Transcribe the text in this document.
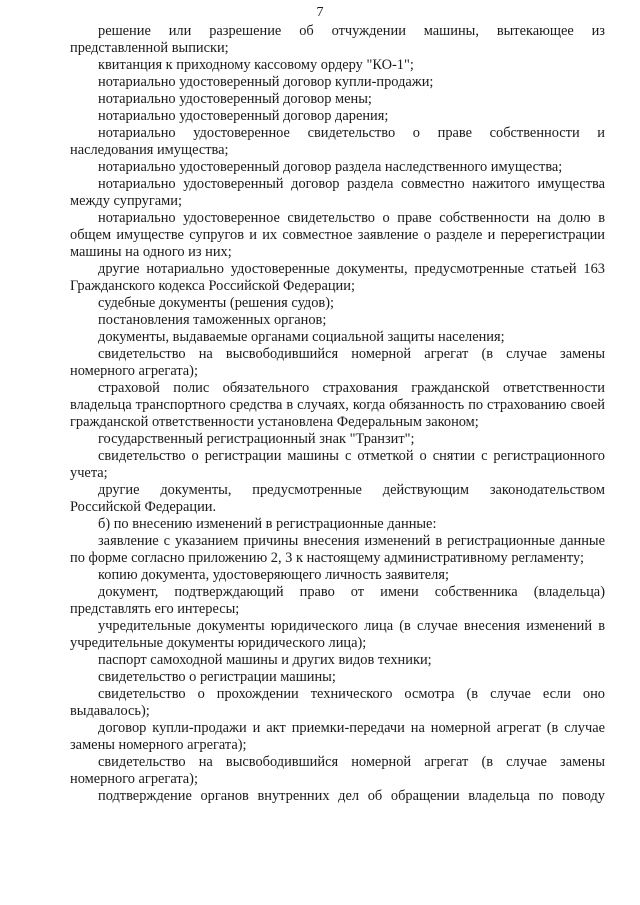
7

решение или разрешение об отчуждении машины, вытекающее из представленной выписки;

квитанция к приходному кассовому ордеру "КО-1";

нотариально удостоверенный договор купли-продажи;

нотариально удостоверенный договор мены;

нотариально удостоверенный договор дарения;

нотариально удостоверенное свидетельство о праве собственности и наследования имущества;

нотариально удостоверенный договор раздела наследственного имущества;

нотариально удостоверенный договор раздела совместно нажитого имущества между супругами;

нотариально удостоверенное свидетельство о праве собственности на долю в общем имуществе супругов и их совместное заявление о разделе и перерегистрации машины на одного из них;

другие нотариально удостоверенные документы, предусмотренные статьей 163 Гражданского кодекса Российской Федерации;

судебные документы (решения судов);

постановления таможенных органов;

документы, выдаваемые органами социальной защиты населения;

свидетельство на высвободившийся номерной агрегат (в случае замены номерного агрегата);

страховой полис обязательного страхования гражданской ответственности владельца транспортного средства в случаях, когда обязанность по страхованию своей гражданской ответственности установлена Федеральным законом;

государственный регистрационный знак "Транзит";

свидетельство о регистрации машины с отметкой о снятии с регистрационного учета;

другие документы, предусмотренные действующим законодательством Российской Федерации.

б) по внесению изменений в регистрационные данные:

заявление с указанием причины внесения изменений в регистрационные данные по форме согласно приложению 2, 3 к настоящему административному регламенту;

копию документа, удостоверяющего личность заявителя;

документ, подтверждающий право от имени собственника (владельца) представлять его интересы;

учредительные документы юридического лица (в случае внесения изменений в учредительные документы юридического лица);

паспорт самоходной машины и других видов техники;

свидетельство о регистрации машины;

свидетельство о прохождении технического осмотра (в случае если оно выдавалось);

договор купли-продажи и акт приемки-передачи на номерной агрегат (в случае замены номерного агрегата);

свидетельство на высвободившийся номерной агрегат (в случае замены номерного агрегата);

подтверждение органов внутренних дел об обращении владельца по поводу
